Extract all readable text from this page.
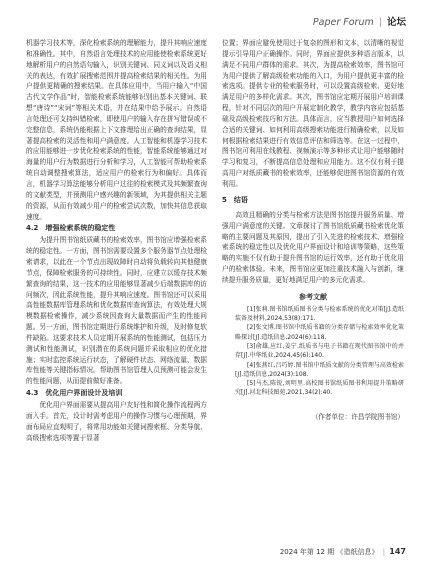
Paper Forum | 论坛

机器学习技术等，深化检索系统的理解能力，提升其响应速度和准确性。其中，自然语言处理技术的应用能使检索系统更好地解析用户的自然语句输入，识别关键词、同义词以及语义相关的表达，有效扩展搜索范围并提高检索结果的相关性。为用户提供更精确的搜索结果。在具体应用中，当用户输入“中国古代文学作品”时，智能检索系统能够识别出基本关键词、联想“唐诗”“宋词”等相关术语，并在结果中给予展示。自然语言处理还可支持纠错检索，即使用户的输入存在拼写错误或不完整信息，系统仍能根据上下文推理给出正确的查询结果，显著提高检索的灵活性和用户满意度。人工智能和机器学习技术的应用能够进一步优化检索系统的性能，智能系统能够通过对海量的用户行为数据进行分析和学习，人工智能可帮助检索系统自动调整搜索算法，适应用户的检索行为和偏好。具体而言，机器学习算法能够分析用户过往的检索模式及其频繁查询的文献类型，并预测用户感兴趣的新领域，为其提供相关主题的资源，从而有效减少用户的检索尝试次数，加快其信息获取速度。

4.2　增强检索系统的稳定性

为提升图书馆纸质藏书的检索效率，图书馆应增强检索系统的稳定性。一方面，图书馆需要设置多个服务器节点处理检索请求，以此在一个节点出现故障时自动将负载转向其他健康节点，保障检索服务的可持续性。同时，应建立以缓存技术频繁查询的结果，这一技术的应用能够显著减少后端数据库的访问频次，因此系统性能，提升其响应速度。图书馆还可以采用高性能数据库管理系统和优化数据库查询算法，有效处理大规模数据检索操作，减少系统因查询大量数据而产生的性能问题。另一方面，图书馆定期进行系统维护和升级，及时修复软件缺陷。这要求技术人员定期开展系统的性能测试，包括压力测试和性能测试，识别潜在的系统问题并采取相应的优化措施；实时监控系统运行状态，了解硬件状态、网络流量、数据库性能等关键指标情况。帮助图书馆管理人员预测可能会发生的性能问题，从而提前做好准备。

4.3　优化用户界面设计及培训

优化用户界面需要从提高用户友好性和简化操作流程两方面入手。首先，设计时需考虑用户的操作习惯与心理预期，界面布局应直观明了，将常用功能如关键词搜索框、分类导航、高级搜索选项等置于显著

位置；界面应避免使用过于复杂的图形和文本，以清晰的视觉提示引导用户正确操作。同时，界面应提供多种语言版本，以满足不同用户群体的需求。其次，为提高检索效率，图书馆可为用户提供了解高级检索功能的入口，为用户提供更丰富的检索选项。提供专业的检索服务时，可以设置高级检索、更好地满足用户的多样化需求。其次，图书馆应定期开展用户培训课程，针对不同层次的用户开展定制化教学，教学内容应包括基础及高级检索技巧和方法。具体而言，应当教授用户如何选择合适的关键词、如何利用高级搜索功能进行精确检索，以及如何根据检索结果进行有效信息评估和筛选等。在这一过程中，图书馆可利用在线教程、视频演示等多种形式让用户能够随时学习和复习，不断提高信息处理和应用能力。这不仅有利于提高用户对纸质藏书的检索效率，还能够促进图书馆资源的有效利用。

5　结语

高效且精确的分类与检索方法是图书馆提升服务质量、增强用户满意度的关键。文章探讨了图书馆纸质藏书检索优化策略的主要问题及其原因，提出了引入先进的检索技术、增强检索系统的稳定性以及优化用户界面设计和培训等策略，这些策略的实施不仅有助于提升图书馆的运行效率，还有助于优化用户的检索体验。未来，图书馆应更加注重技术融入与创新，继续提升服务质量，更好地满足用户的多元化需求。

参考文献

[1]张莉.图书馆纸质图书分类与检索系统的优化对策[J].造纸装备及材料,2024,53(8):171.

[2]张文博.图书馆中纸质书籍的分类存储与检索效率优化策略探讨[J].造纸信息,2024(6):118.

[3]俞雄,应红,姜宁.纸质书与电子书籍在现代图书馆中的并存[J].中华纸业,2024,45(6):140.

[4]张燕红,吕巧婷.图书馆中纸质文献的分类管理与高效检索[J].造纸信息,2024(3):108.

[5]马杰,陈锐,刘明里.高校图书馆纸质图书利用提升策略研究[J].河北科技图苑,2021,34(2):40.

（作者单位：许昌学院图书馆）
2024 年第 12 期 《造纸信息》 | 147
